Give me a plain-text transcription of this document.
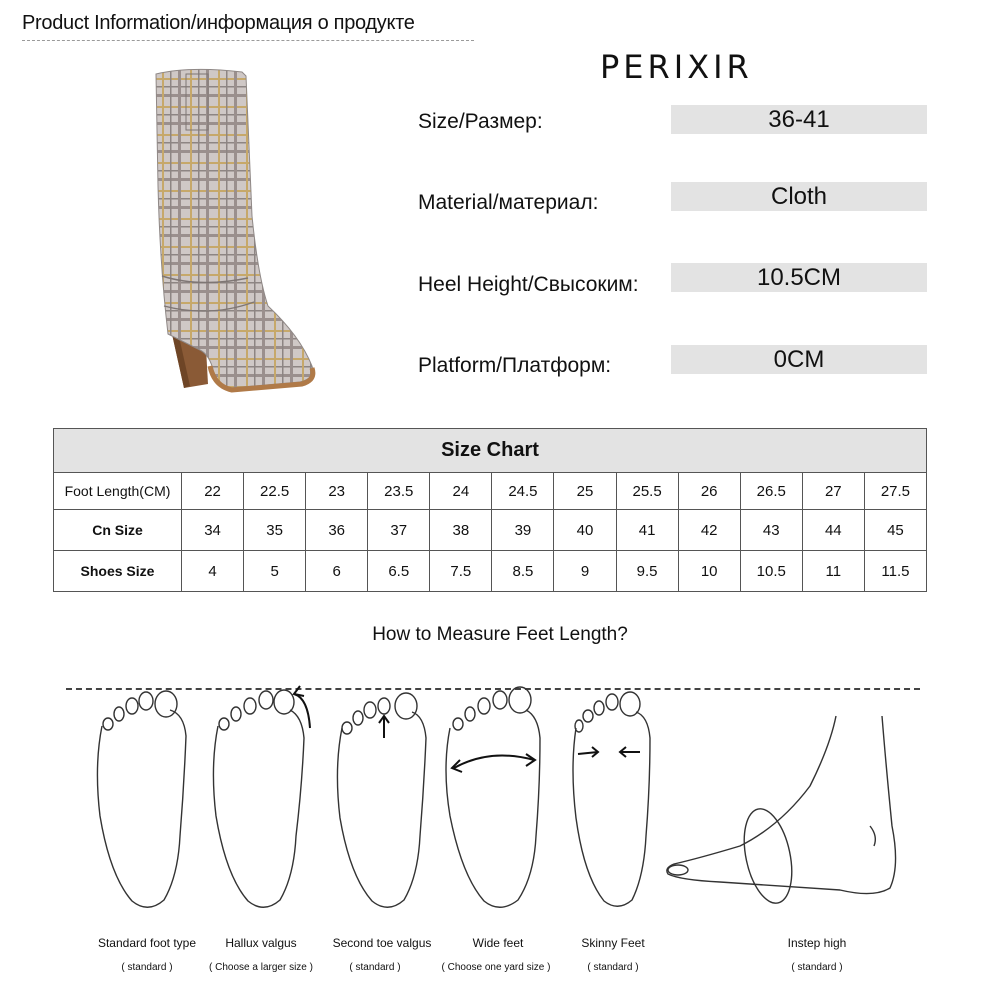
Product Information/информация о продукте
PERIXIR
Size/Размер:	36-41
Material/материал:	Cloth
Heel Height/Свысоким:	10.5CM
Platform/Платформ:	0CM
Size Chart												
Foot Length(CM)	22	22.5	23	23.5	24	24.5	25	25.5	26	26.5	27	27.5
Cn Size	34	35	36	37	38	39	40	41	42	43	44	45
Shoes Size	4	5	6	6.5	7.5	8.5	9	9.5	10	10.5	11	11.5
How to Measure Feet Length?
Standard foot type
( standard )
Hallux valgus
( Choose a larger size )
Second toe valgus
( standard )
Wide feet
( Choose one yard size )
Skinny Feet
( standard )
Instep high
( standard )
